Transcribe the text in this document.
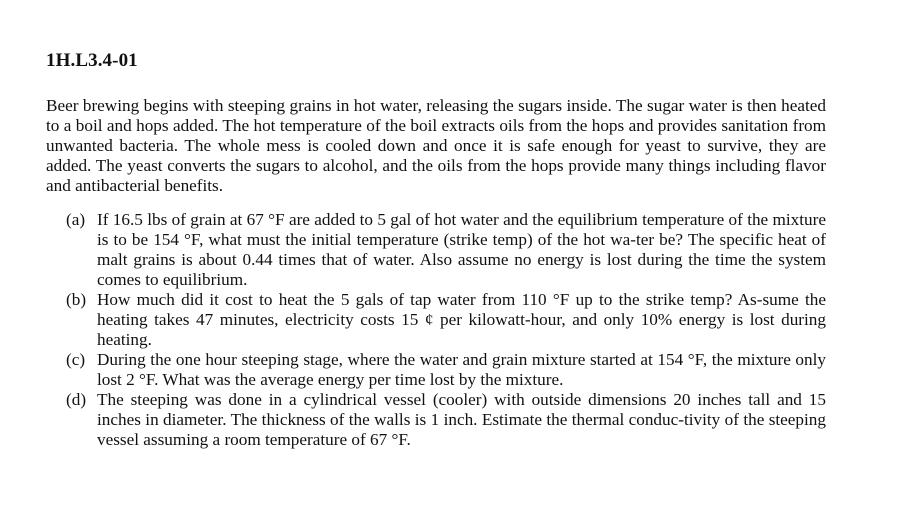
1H.L3.4-01
Beer brewing begins with steeping grains in hot water, releasing the sugars inside. The sugar water is then heated to a boil and hops added. The hot temperature of the boil extracts oils from the hops and provides sanitation from unwanted bacteria. The whole mess is cooled down and once it is safe enough for yeast to survive, they are added. The yeast converts the sugars to alcohol, and the oils from the hops provide many things including flavor and antibacterial benefits.
(a) If 16.5 lbs of grain at 67 °F are added to 5 gal of hot water and the equilibrium temperature of the mixture is to be 154 °F, what must the initial temperature (strike temp) of the hot wa-ter be? The specific heat of malt grains is about 0.44 times that of water. Also assume no energy is lost during the time the system comes to equilibrium.
(b) How much did it cost to heat the 5 gals of tap water from 110 °F up to the strike temp? As-sume the heating takes 47 minutes, electricity costs 15 ¢ per kilowatt-hour, and only 10% energy is lost during heating.
(c) During the one hour steeping stage, where the water and grain mixture started at 154 °F, the mixture only lost 2 °F. What was the average energy per time lost by the mixture.
(d) The steeping was done in a cylindrical vessel (cooler) with outside dimensions 20 inches tall and 15 inches in diameter. The thickness of the walls is 1 inch. Estimate the thermal conduc-tivity of the steeping vessel assuming a room temperature of 67 °F.
